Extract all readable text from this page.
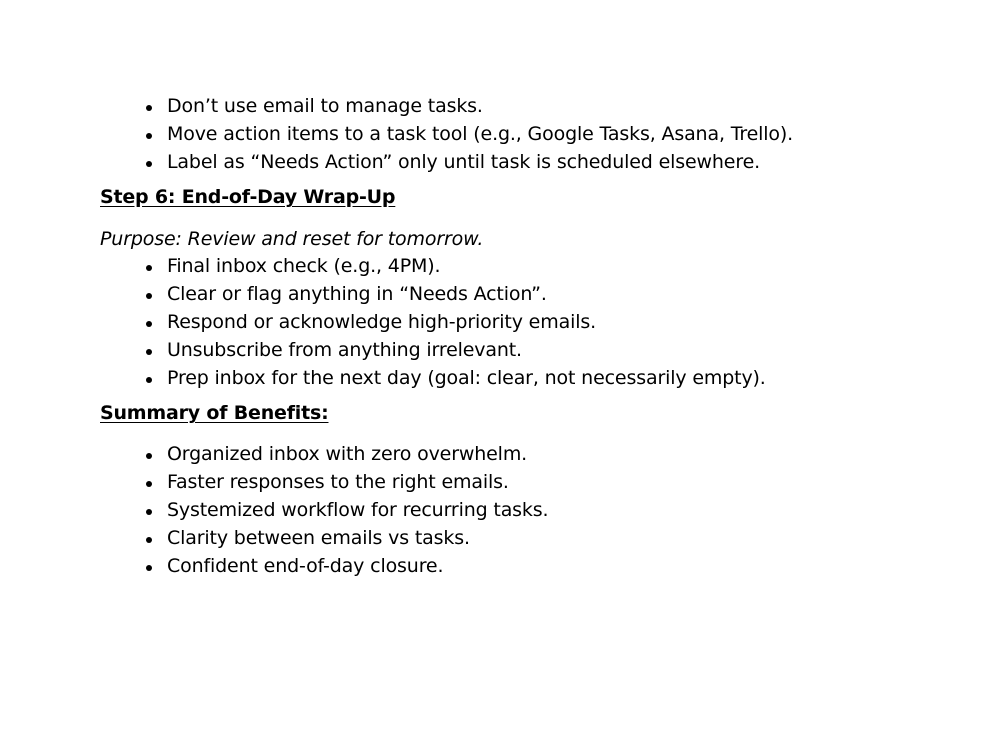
Don’t use email to manage tasks.
Move action items to a task tool (e.g., Google Tasks, Asana, Trello).
Label as “Needs Action” only until task is scheduled elsewhere.
Step 6: End-of-Day Wrap-Up
Purpose: Review and reset for tomorrow.
Final inbox check (e.g., 4PM).
Clear or flag anything in “Needs Action”.
Respond or acknowledge high-priority emails.
Unsubscribe from anything irrelevant.
Prep inbox for the next day (goal: clear, not necessarily empty).
Summary of Benefits:
Organized inbox with zero overwhelm.
Faster responses to the right emails.
Systemized workflow for recurring tasks.
Clarity between emails vs tasks.
Confident end-of-day closure.
